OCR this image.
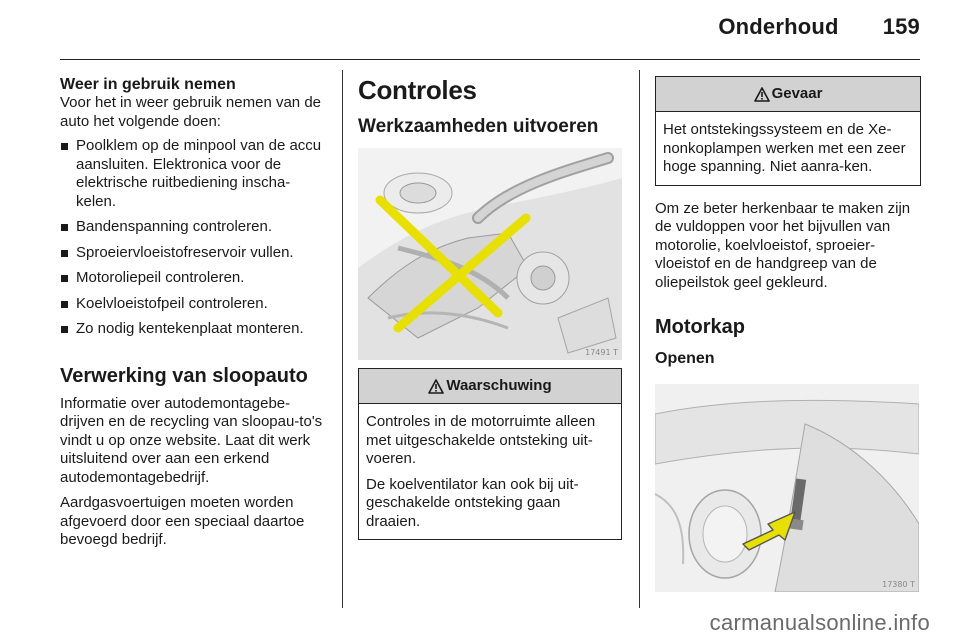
Onderhoud 159
Weer in gebruik nemen

Voor het in weer gebruik nemen van de auto het volgende doen:

Poolklem op de minpool van de accu aansluiten. Elektronica voor de elektrische ruitbediening inscha-kelen.
Bandenspanning controleren.
Sproeiervloeistofreservoir vullen.
Motoroliepeil controleren.
Koelvloeistofpeil controleren.
Zo nodig kentekenplaat monteren.
Verwerking van sloopauto

Informatie over autodemontagebe-drijven en de recycling van sloopau-to's vindt u op onze website. Laat dit werk uitsluitend over aan een erkend autodemontagebedrijf.

Aardgasvoertuigen moeten worden afgevoerd door een speciaal daartoe bevoegd bedrijf.

Controles
Werkzaamheden uitvoeren
17491 T
Waarschuwing

Controles in de motorruimte alleen met uitgeschakelde ontsteking uit-voeren.

De koelventilator kan ook bij uit-geschakelde ontsteking gaan draaien.

Gevaar

Het ontstekingssysteem en de Xe-nonkoplampen werken met een zeer hoge spanning. Niet aanra-ken.

Om ze beter herkenbaar te maken zijn de vuldoppen voor het bijvullen van motorolie, koelvloeistof, sproeier-vloeistof en de handgreep van de oliepeilstok geel gekleurd.

Motorkap
Openen
17380 T
carmanualsonline.info
